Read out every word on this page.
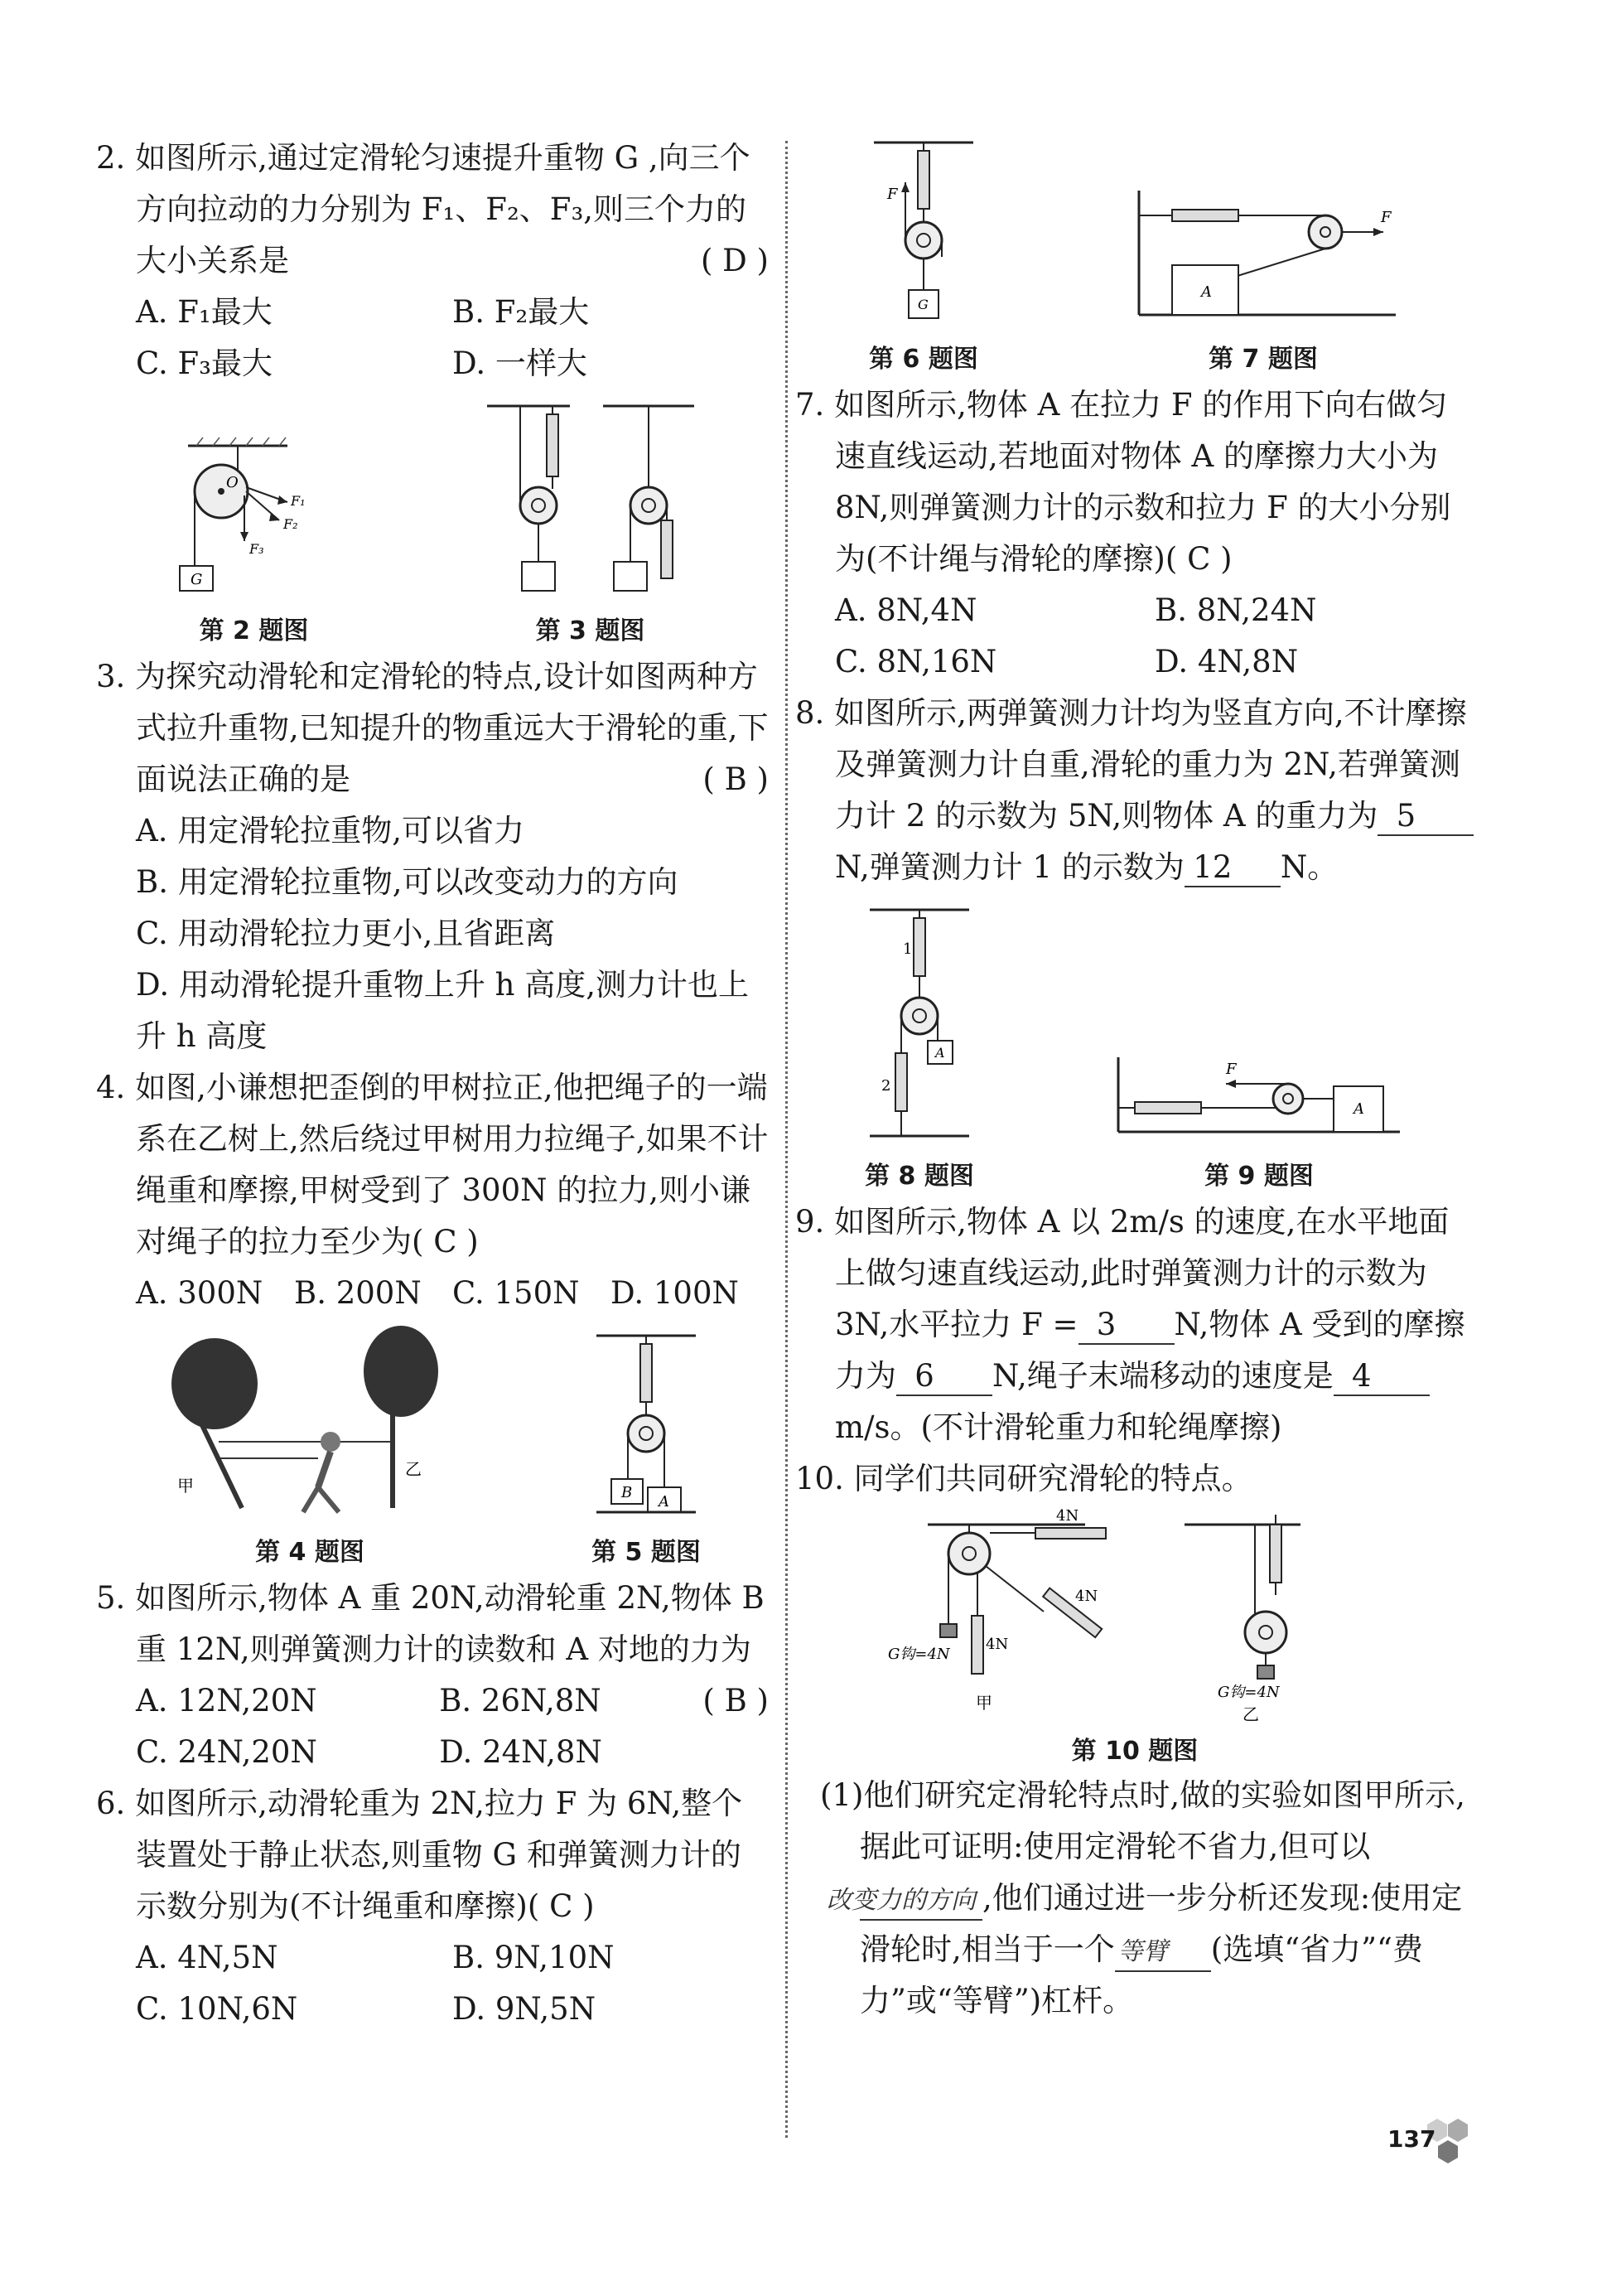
2. 如图所示,通过定滑轮匀速提升重物 G ,向三个方向拉动的力分别为 F₁、F₂、F₃,则三个力的大小关系是	( D )
A. F₁最大	B. F₂最大
C. F₃最大	D. 一样大
G
O
F₁
F₂
F₃
第 2 题图	第 3 题图
3. 为探究动滑轮和定滑轮的特点,设计如图两种方式拉升重物,已知提升的物重远大于滑轮的重,下面说法正确的是	( B )
A. 用定滑轮拉重物,可以省力
B. 用定滑轮拉重物,可以改变动力的方向
C. 用动滑轮拉力更小,且省距离
D. 用动滑轮提升重物上升 h 高度,测力计也上升 h 高度
4. 如图,小谦想把歪倒的甲树拉正,他把绳子的一端系在乙树上,然后绕过甲树用力拉绳子,如果不计绳重和摩擦,甲树受到了 300N 的拉力,则小谦对绳子的拉力至少为( C )
A. 300N	B. 200N	C. 150N	D. 100N
甲
乙
第 4 题图
B
A
第 5 题图
5. 如图所示,物体 A 重 20N,动滑轮重 2N,物体 B 重 12N,则弹簧测力计的读数和 A 对地的力为
( B )
A. 12N,20N	B. 26N,8N
C. 24N,20N	D. 24N,8N
6. 如图所示,动滑轮重为 2N,拉力 F 为 6N,整个装置处于静止状态,则重物 G 和弹簧测力计的示数分别为(不计绳重和摩擦)( C )
A. 4N,5N	B. 9N,10N
C. 10N,6N	D. 9N,5N
F
G
第 6 题图
F
A
第 7 题图
7. 如图所示,物体 A 在拉力 F 的作用下向右做匀速直线运动,若地面对物体 A 的摩擦力大小为 8N,则弹簧测力计的示数和拉力 F 的大小分别为(不计绳与滑轮的摩擦)( C )
A. 8N,4N	B. 8N,24N
C. 8N,16N	D. 4N,8N
8. 如图所示,两弹簧测力计均为竖直方向,不计摩擦及弹簧测力计自重,滑轮的重力为 2N,若弹簧测力计 2 的示数为 5N,则物体 A 的重力为 5N,弹簧测力计 1 的示数为 12 N。
1
A
2
第 8 题图
F
A
第 9 题图
9. 如图所示,物体 A 以 2m/s 的速度,在水平地面上做匀速直线运动,此时弹簧测力计的示数为 3N,水平拉力 F = 3 N,物体 A 受到的摩擦力为 6 N,绳子末端移动的速度是 4m/s。(不计滑轮重力和轮绳摩擦)
10. 同学们共同研究滑轮的特点。
4N
4N
4N
G钩=4N
甲
G钩=4N
乙
第 10 题图
(1)他们研究定滑轮特点时,做的实验如图甲所示,据此可证明:使用定滑轮不省力,但可以改变力的方向 ,他们通过进一步分析还发现:使用定滑轮时,相当于一个 等臂 (选填“省力”“费力”或“等臂”)杠杆。
137
